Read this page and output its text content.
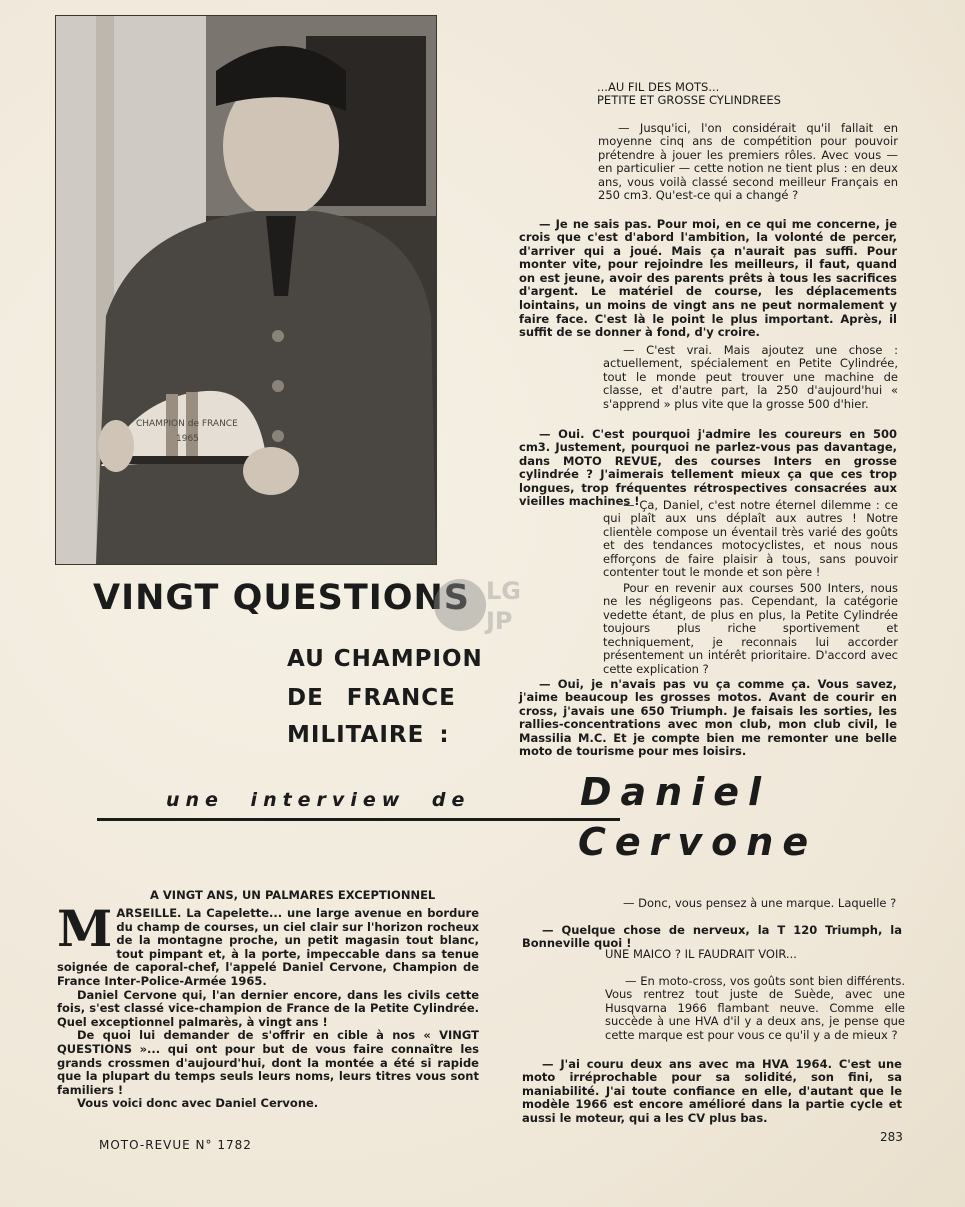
CHAMPION de FRANCE
1965
VINGT QUESTIONS
AU CHAMPION
DE FRANCE
MILITAIRE :
LG
JP
une interview de	Daniel
Cervone
...AU FIL DES MOTS...
PETITE ET GROSSE CYLINDREES

— Jusqu'ici, l'on considérait qu'il fallait en moyenne cinq ans de compétition pour pouvoir prétendre à jouer les premiers rôles. Avec vous — en particulier — cette notion ne tient plus : en deux ans, vous voilà classé second meilleur Français en 250 cm3. Qu'est-ce qui a changé ?

— Je ne sais pas. Pour moi, en ce qui me concerne, je crois que c'est d'abord l'ambition, la volonté de percer, d'arriver qui a joué. Mais ça n'aurait pas suffi. Pour monter vite, pour rejoindre les meilleurs, il faut, quand on est jeune, avoir des parents prêts à tous les sacrifices d'argent. Le matériel de course, les déplacements lointains, un moins de vingt ans ne peut normalement y faire face. C'est là le point le plus important. Après, il suffit de se donner à fond, d'y croire.

— C'est vrai. Mais ajoutez une chose : actuellement, spécialement en Petite Cylindrée, tout le monde peut trouver une machine de classe, et d'autre part, la 250 d'aujourd'hui « s'apprend » plus vite que la grosse 500 d'hier.

— Oui. C'est pourquoi j'admire les coureurs en 500 cm3. Justement, pourquoi ne parlez-vous pas davantage, dans MOTO REVUE, des courses Inters en grosse cylindrée ? J'aimerais tellement mieux ça que ces trop longues, trop fréquentes rétrospectives consacrées aux vieilles machines !

— Ça, Daniel, c'est notre éternel dilemme : ce qui plaît aux uns déplaît aux autres ! Notre clientèle compose un éventail très varié des goûts et des tendances motocyclistes, et nous nous efforçons de faire plaisir à tous, sans pouvoir contenter tout le monde et son père !

Pour en revenir aux courses 500 Inters, nous ne les négligeons pas. Cependant, la catégorie vedette étant, de plus en plus, la Petite Cylindrée toujours plus riche sportivement et techniquement, je reconnais lui accorder présentement un intérêt prioritaire. D'accord avec cette explication ?

— Oui, je n'avais pas vu ça comme ça. Vous savez, j'aime beaucoup les grosses motos. Avant de courir en cross, j'avais une 650 Triumph. Je faisais les sorties, les rallies-concentrations avec mon club, mon club civil, le Massilia M.C. Et je compte bien me remonter une belle moto de tourisme pour mes loisirs.

— Donc, vous pensez à une marque. Laquelle ?

— Quelque chose de nerveux, la T 120 Triumph, la Bonneville quoi !

UNE MAICO ? IL FAUDRAIT VOIR...

— En moto-cross, vos goûts sont bien différents. Vous rentrez tout juste de Suède, avec une Husqvarna 1966 flambant neuve. Comme elle succède à une HVA d'il y a deux ans, je pense que cette marque est pour vous ce qu'il y a de mieux ?

— J'ai couru deux ans avec ma HVA 1964. C'est une moto irréprochable pour sa solidité, son fini, sa maniabilité. J'ai toute confiance en elle, d'autant que le modèle 1966 est encore amélioré dans la partie cycle et aussi le moteur, qui a les CV plus bas.

A VINGT ANS, UN PALMARES EXCEPTIONNEL

MARSEILLE. La Capelette... une large avenue en bordure du champ de courses, un ciel clair sur l'horizon rocheux de la montagne proche, un petit magasin tout blanc, tout pimpant et, à la porte, impeccable dans sa tenue soignée de caporal-chef, l'appelé Daniel Cervone, Champion de France Inter-Police-Armée 1965.

Daniel Cervone qui, l'an dernier encore, dans les civils cette fois, s'est classé vice-champion de France de la Petite Cylindrée. Quel exceptionnel palmarès, à vingt ans !

De quoi lui demander de s'offrir en cible à nos « VINGT QUESTIONS »... qui ont pour but de vous faire connaître les grands crossmen d'aujourd'hui, dont la montée a été si rapide que la plupart du temps seuls leurs noms, leurs titres vous sont familiers !

Vous voici donc avec Daniel Cervone.

MOTO-REVUE N° 1782
283
